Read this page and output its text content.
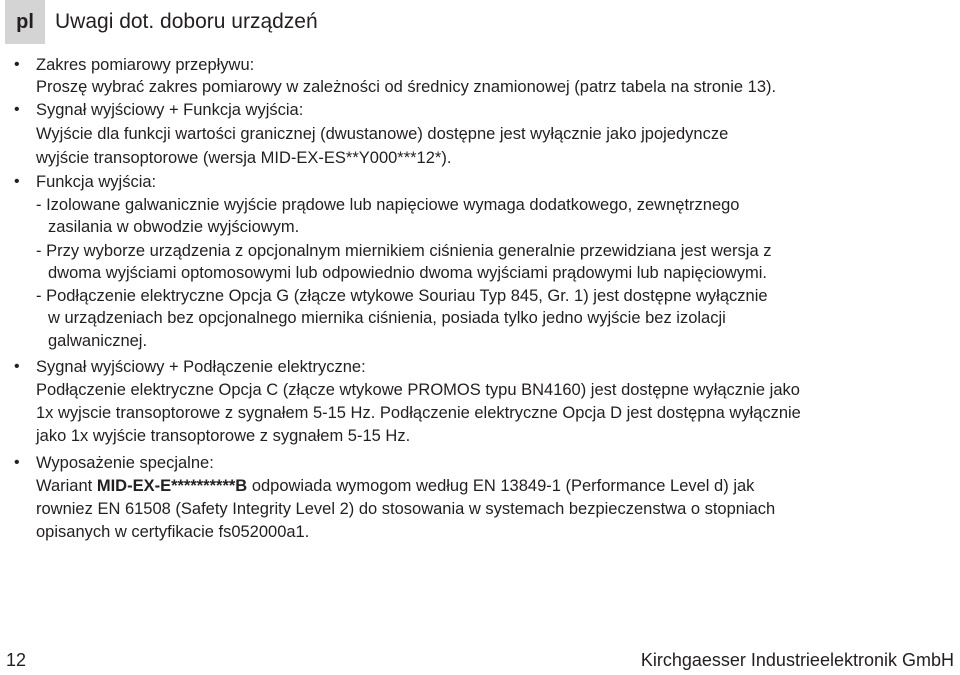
pl	Uwagi dot. doboru urządzeń
• Zakres pomiarowy przepływu:
Proszę wybrać zakres pomiarowy w zależności od średnicy znamionowej (patrz tabela na stronie 13).
• Sygnał wyjściowy + Funkcja wyjścia:
Wyjście dla funkcji wartości granicznej (dwustanowe) dostępne jest wyłącznie jako jpojedyncze
wyjście transoptorowe (wersja MID-EX-ES**Y000***12*).
• Funkcja wyjścia:
- Izolowane galwanicznie wyjście prądowe lub napięciowe wymaga dodatkowego, zewnętrznego
zasilania w obwodzie wyjściowym.
- Przy wyborze urządzenia z opcjonalnym miernikiem ciśnienia generalnie przewidziana jest wersja z
dwoma wyjściami optomosowymi lub odpowiednio dwoma wyjściami prądowymi lub napięciowymi.
- Podłączenie elektryczne Opcja G (złącze wtykowe Souriau Typ 845, Gr. 1) jest dostępne wyłącznie
w urządzeniach bez opcjonalnego miernika ciśnienia, posiada tylko jedno wyjście bez izolacji
galwanicznej.
• Sygnał wyjściowy + Podłączenie elektryczne:
Podłączenie elektryczne Opcja C (złącze wtykowe PROMOS typu BN4160) jest dostępne wyłącznie jako
1x wyjscie transoptorowe z sygnałem 5-15 Hz. Podłączenie elektryczne Opcja D jest dostępna wyłącznie
jako 1x wyjście transoptorowe z sygnałem 5-15 Hz.
• Wyposażenie specjalne:
Wariant MID-EX-E**********B odpowiada wymogom według EN 13849-1 (Performance Level d) jak
rowniez EN 61508 (Safety Integrity Level 2) do stosowania w systemach bezpieczenstwa o stopniach
opisanych w certyfikacie fs052000a1.
12	Kirchgaesser Industrieelektronik GmbH
